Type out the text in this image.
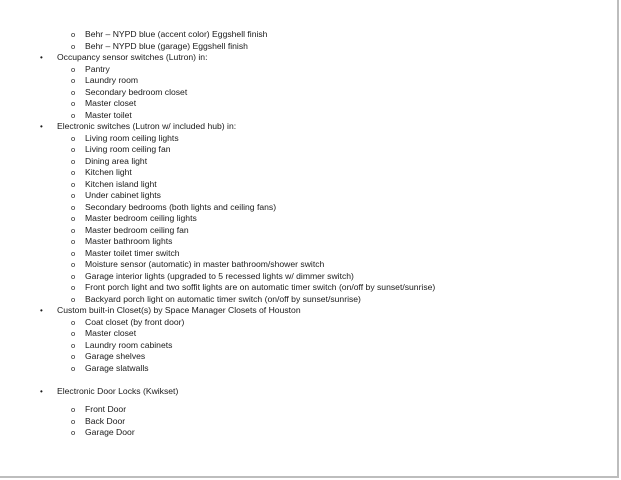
o Behr – NYPD blue (accent color) Eggshell finish
o Behr – NYPD blue (garage) Eggshell finish
• Occupancy sensor switches (Lutron) in:
o Pantry
o Laundry room
o Secondary bedroom closet
o Master closet
o Master toilet
• Electronic switches (Lutron w/ included hub) in:
o Living room ceiling lights
o Living room ceiling fan
o Dining area light
o Kitchen light
o Kitchen island light
o Under cabinet lights
o Secondary bedrooms (both lights and ceiling fans)
o Master bedroom ceiling lights
o Master bedroom ceiling fan
o Master bathroom lights
o Master toilet timer switch
o Moisture sensor (automatic) in master bathroom/shower switch
o Garage interior lights (upgraded to 5 recessed lights w/ dimmer switch)
o Front porch light and two soffit lights are on automatic timer switch (on/off by sunset/sunrise)
o Backyard porch light on automatic timer switch (on/off by sunset/sunrise)
• Custom built-in Closet(s) by Space Manager Closets of Houston
o Coat closet (by front door)
o Master closet
o Laundry room cabinets
o Garage shelves
o Garage slatwalls
• Electronic Door Locks (Kwikset)
o Front Door
o Back Door
o Garage Door
